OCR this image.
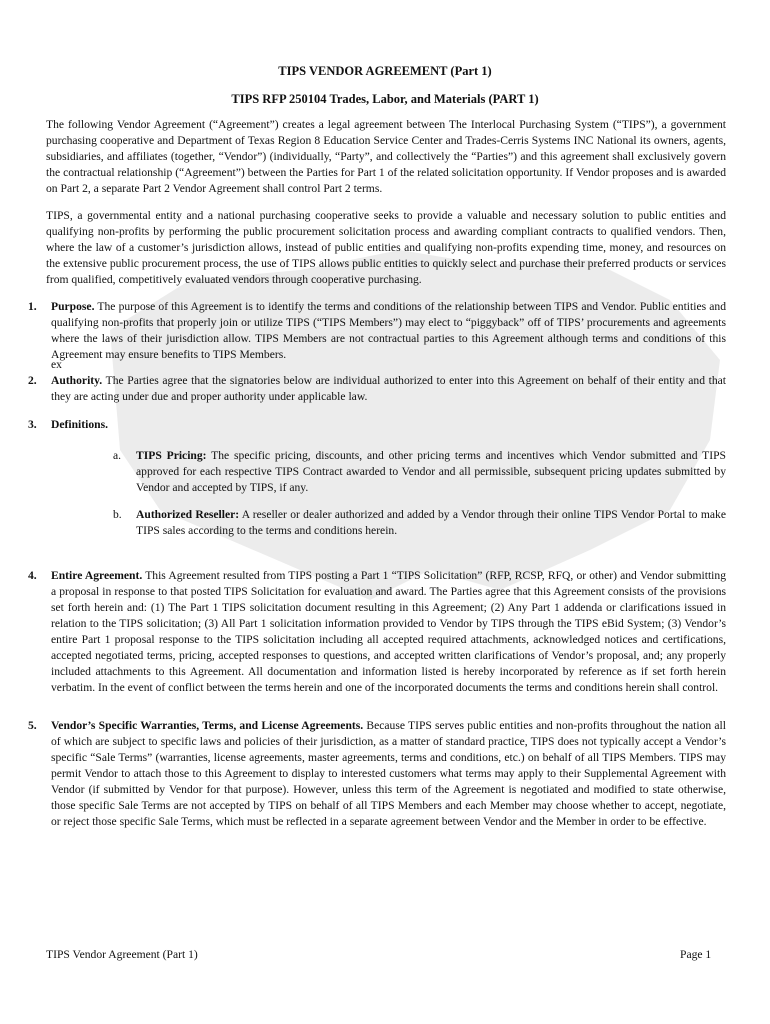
TIPS VENDOR AGREEMENT (Part 1)
TIPS RFP 250104 Trades, Labor, and Materials (PART 1)

The following Vendor Agreement (“Agreement”) creates a legal agreement between The Interlocal Purchasing System (“TIPS”), a government purchasing cooperative and Department of Texas Region 8 Education Service Center and Trades-Cerris Systems INC National its owners, agents, subsidiaries, and affiliates (together, “Vendor”) (individually, “Party”, and collectively the “Parties”) and this agreement shall exclusively govern the contractual relationship (“Agreement”) between the Parties for Part 1 of the related solicitation opportunity. If Vendor proposes and is awarded on Part 2, a separate Part 2 Vendor Agreement shall control Part 2 terms.

TIPS, a governmental entity and a national purchasing cooperative seeks to provide a valuable and necessary solution to public entities and qualifying non-profits by performing the public procurement solicitation process and awarding compliant contracts to qualified vendors. Then, where the law of a customer’s jurisdiction allows, instead of public entities and qualifying non-profits expending time, money, and resources on the extensive public procurement process, the use of TIPS allows public entities to quickly select and purchase their preferred products or services from qualified, competitively evaluated vendors through cooperative purchasing.

1. Purpose. The purpose of this Agreement is to identify the terms and conditions of the relationship between TIPS and Vendor. Public entities and qualifying non-profits that properly join or utilize TIPS (“TIPS Members”) may elect to “piggyback” off of TIPS’ procurements and agreements where the laws of their jurisdiction allow. TIPS Members are not contractual parties to this Agreement although terms and conditions of this Agreement may ensure benefits to TIPS Members.

ex
2. Authority. The Parties agree that the signatories below are individual authorized to enter into this Agreement on behalf of their entity and that they are acting under due and proper authority under applicable law.

3. Definitions.

a. TIPS Pricing: The specific pricing, discounts, and other pricing terms and incentives which Vendor submitted and TIPS approved for each respective TIPS Contract awarded to Vendor and all permissible, subsequent pricing updates submitted by Vendor and accepted by TIPS, if any.

b. Authorized Reseller: A reseller or dealer authorized and added by a Vendor through their online TIPS Vendor Portal to make TIPS sales according to the terms and conditions herein.

4. Entire Agreement. This Agreement resulted from TIPS posting a Part 1 “TIPS Solicitation” (RFP, RCSP, RFQ, or other) and Vendor submitting a proposal in response to that posted TIPS Solicitation for evaluation and award. The Parties agree that this Agreement consists of the provisions set forth herein and: (1) The Part 1 TIPS solicitation document resulting in this Agreement; (2) Any Part 1 addenda or clarifications issued in relation to the TIPS solicitation; (3) All Part 1 solicitation information provided to Vendor by TIPS through the TIPS eBid System; (3) Vendor’s entire Part 1 proposal response to the TIPS solicitation including all accepted required attachments, acknowledged notices and certifications, accepted negotiated terms, pricing, accepted responses to questions, and accepted written clarifications of Vendor’s proposal, and; any properly included attachments to this Agreement. All documentation and information listed is hereby incorporated by reference as if set forth herein verbatim. In the event of conflict between the terms herein and one of the incorporated documents the terms and conditions herein shall control.

5. Vendor’s Specific Warranties, Terms, and License Agreements. Because TIPS serves public entities and non-profits throughout the nation all of which are subject to specific laws and policies of their jurisdiction, as a matter of standard practice, TIPS does not typically accept a Vendor’s specific “Sale Terms” (warranties, license agreements, master agreements, terms and conditions, etc.) on behalf of all TIPS Members. TIPS may permit Vendor to attach those to this Agreement to display to interested customers what terms may apply to their Supplemental Agreement with Vendor (if submitted by Vendor for that purpose). However, unless this term of the Agreement is negotiated and modified to state otherwise, those specific Sale Terms are not accepted by TIPS on behalf of all TIPS Members and each Member may choose whether to accept, negotiate, or reject those specific Sale Terms, which must be reflected in a separate agreement between Vendor and the Member in order to be effective.

TIPS Vendor Agreement (Part 1)	Page 1
